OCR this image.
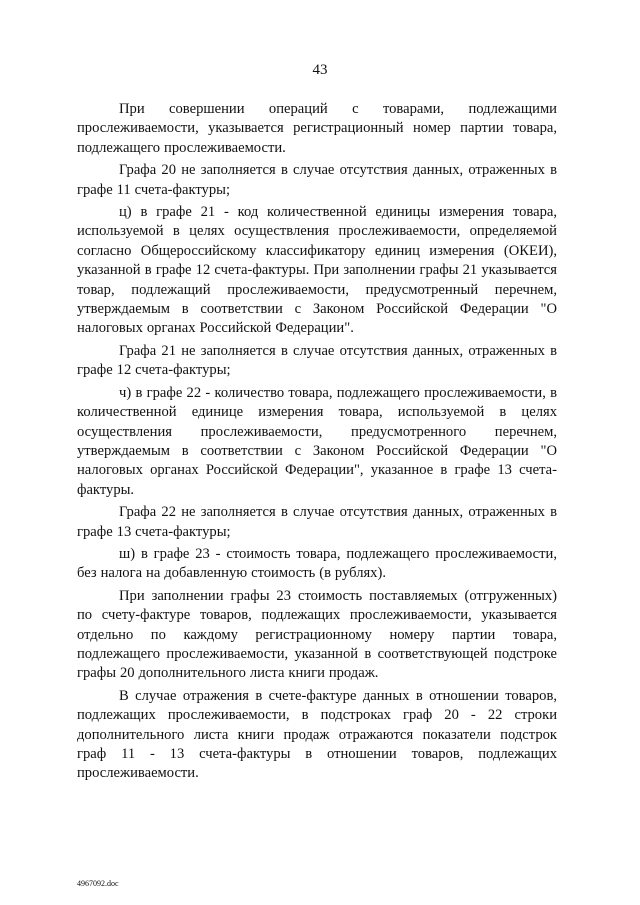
43

При совершении операций с товарами, подлежащими прослеживаемости, указывается регистрационный номер партии товара, подлежащего прослеживаемости.

Графа 20 не заполняется в случае отсутствия данных, отраженных в графе 11 счета-фактуры;

ц) в графе 21 - код количественной единицы измерения товара, используемой в целях осуществления прослеживаемости, определяемой согласно Общероссийскому классификатору единиц измерения (ОКЕИ), указанной в графе 12 счета-фактуры. При заполнении графы 21 указывается товар, подлежащий прослеживаемости, предусмотренный перечнем, утверждаемым в соответствии с Законом Российской Федерации "О налоговых органах Российской Федерации".

Графа 21 не заполняется в случае отсутствия данных, отраженных в графе 12 счета-фактуры;

ч) в графе 22 - количество товара, подлежащего прослеживаемости, в количественной единице измерения товара, используемой в целях осуществления прослеживаемости, предусмотренного перечнем, утверждаемым в соответствии с Законом Российской Федерации "О налоговых органах Российской Федерации", указанное в графе 13 счета-фактуры.

Графа 22 не заполняется в случае отсутствия данных, отраженных в графе 13 счета-фактуры;

ш) в графе 23 - стоимость товара, подлежащего прослеживаемости, без налога на добавленную стоимость (в рублях).

При заполнении графы 23 стоимость поставляемых (отгруженных) по счету-фактуре товаров, подлежащих прослеживаемости, указывается отдельно по каждому регистрационному номеру партии товара, подлежащего прослеживаемости, указанной в соответствующей подстроке графы 20 дополнительного листа книги продаж.

В случае отражения в счете-фактуре данных в отношении товаров, подлежащих прослеживаемости, в подстроках граф 20 - 22 строки дополнительного листа книги продаж отражаются показатели подстрок граф 11 - 13 счета-фактуры в отношении товаров, подлежащих прослеживаемости.

4967092.doc
